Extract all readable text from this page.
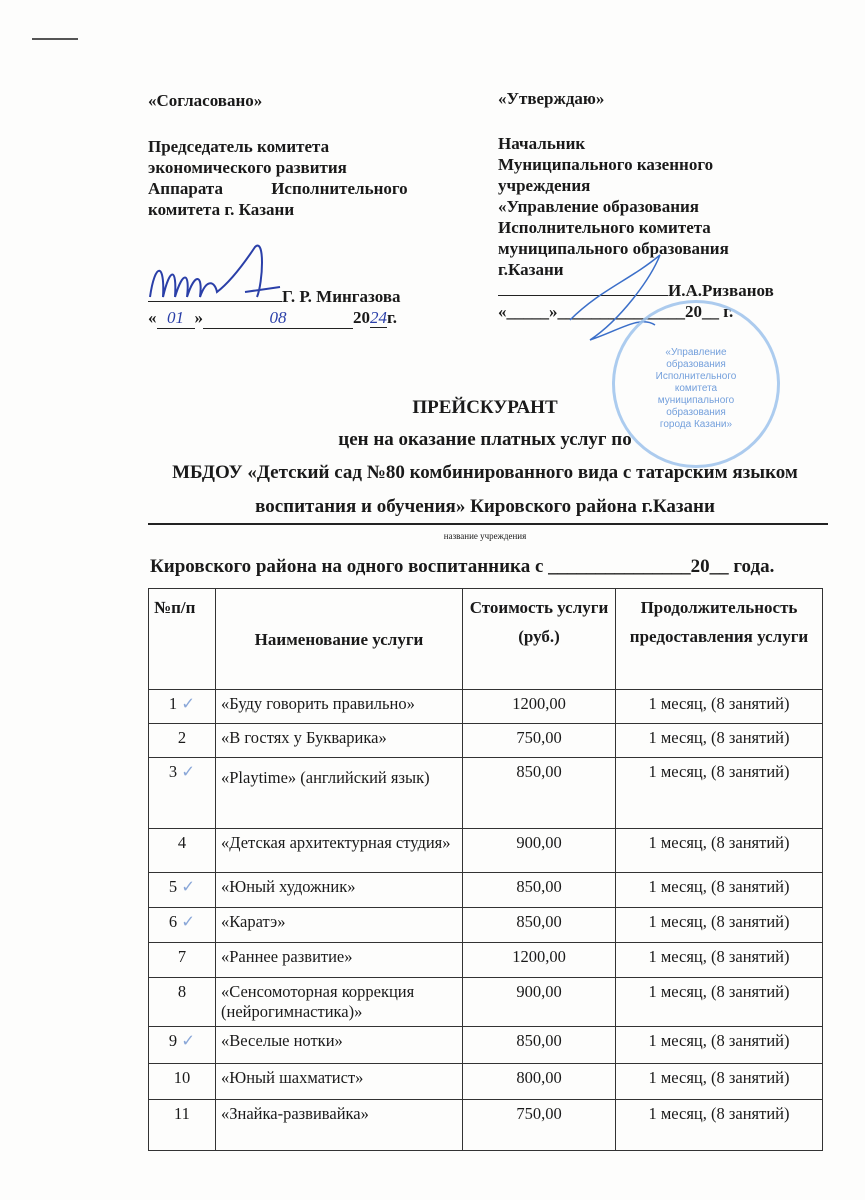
«Согласовано»
Председатель комитета
экономического развития
Аппарата Исполнительного
комитета г. Казани
Г. Р. Мингазова
« 01 »	08	2024г.
«Утверждаю»
Начальник
Муниципального казенного
учреждения
«Управление образования
Исполнительного комитета
муниципального образования
г.Казани
И.А.Ризванов
«_____»_______________20__ г.
«Управление образования Исполнительного комитета муниципального образования города Казани»
ПРЕЙСКУРАНТ
цен на оказание платных услуг по
МБДОУ «Детский сад №80 комбинированного вида с татарским языком
воспитания и обучения» Кировского района г.Казани
название учреждения
Кировского района на одного воспитанника с _______________20__ года.
№п/п	Наименование услуги	Стоимость услуги (руб.)	Продолжительность предоставления услуги
1 ✓	«Буду говорить правильно»	1200,00	1 месяц, (8 занятий)
2	«В гостях у Букварика»	750,00	1 месяц, (8 занятий)
3 ✓	«Playtime» (английский язык)	850,00	1 месяц, (8 занятий)
4	«Детская архитектурная студия»	900,00	1 месяц, (8 занятий)
5 ✓	«Юный художник»	850,00	1 месяц, (8 занятий)
6 ✓	«Каратэ»	850,00	1 месяц, (8 занятий)
7	«Раннее развитие»	1200,00	1 месяц, (8 занятий)
8	«Сенсомоторная коррекция (нейрогимнастика)»	900,00	1 месяц, (8 занятий)
9 ✓	«Веселые нотки»	850,00	1 месяц, (8 занятий)
10	«Юный шахматист»	800,00	1 месяц, (8 занятий)
11	«Знайка-развивайка»	750,00	1 месяц, (8 занятий)
